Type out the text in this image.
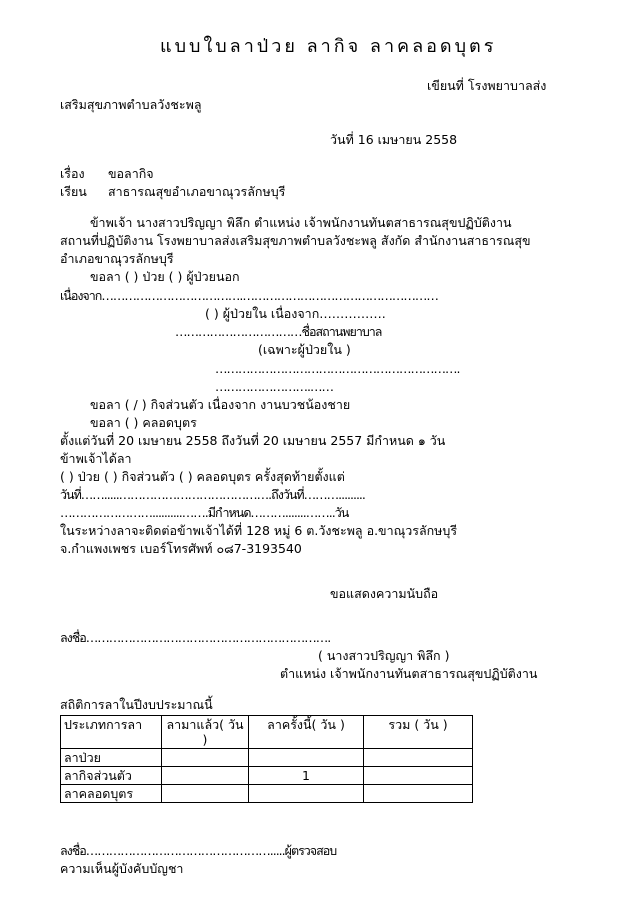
แบบใบลาป่วย ลากิจ ลาคลอดบุตร
เขียนที่ โรงพยาบาลส่ง
เสริมสุขภาพตำบลวังชะพลู
วันที่ 16 เมษายน 2558
เรื่อง ขอลากิจ
เรียน สาธารณสุขอำเภอขาณุวรลักษบุรี
ข้าพเจ้า นางสาวปริญญา พิลึก ตำแหน่ง เจ้าพนักงานทันตสาธารณสุขปฏิบัติงาน
สถานที่ปฏิบัติงาน โรงพยาบาลส่งเสริมสุขภาพตำบลวังชะพลู สังกัด สำนักงานสาธารณสุข
อำเภอขาณุวรลักษบุรี
ขอลา ( ) ป่วย ( ) ผู้ป่วยนอก
เนื่องจาก……………………………….……………………………………………
( ) ผู้ป่วยใน เนื่องจาก…………….
……………………………ชื่อสถานพยาบาล
(เฉพาะผู้ป่วยใน )
……………………………………………………….
…………………….……
ขอลา ( / ) กิจส่วนตัว เนื่องจาก งานบวชน้องชาย
ขอลา ( ) คลอดบุตร
ตั้งแต่วันที่ 20 เมษายน 2558 ถึงวันที่ 20 เมษายน 2557 มีกำหนด ๑ วัน
ข้าพเจ้าได้ลา
( ) ป่วย ( ) กิจส่วนตัว ( ) คลอดบุตร ครั้งสุดท้ายตั้งแต่
วันที่…….....………………………………….ถึงวันที่……….........
……………………..........…….มีกำหนด……….......……..วัน
ในระหว่างลาจะติดต่อข้าพเจ้าได้ที่ 128 หมู่ 6 ต.วังชะพลู อ.ขาณุวรลักษบุรี
จ.กำแพงเพชร เบอร์โทรศัพท์ ๐๘7-3193540
ขอแสดงความนับถือ
ลงชื่อ……………………………………………………….
( นางสาวปริญญา พิลึก )
ตำแหน่ง เจ้าพนักงานทันตสาธารณสุขปฏิบัติงาน
สถิติการลาในปีงบประมาณนี้
ประเภทการลา	ลามาแล้ว( วัน )	ลาครั้งนี้( วัน )	รวม ( วัน )
ลาป่วย			
ลากิจส่วนตัว		1	
ลาคลอดบุตร			
ลงชื่อ………………………………………….....ผู้ตรวจสอบ
ความเห็นผู้บังคับบัญชา
